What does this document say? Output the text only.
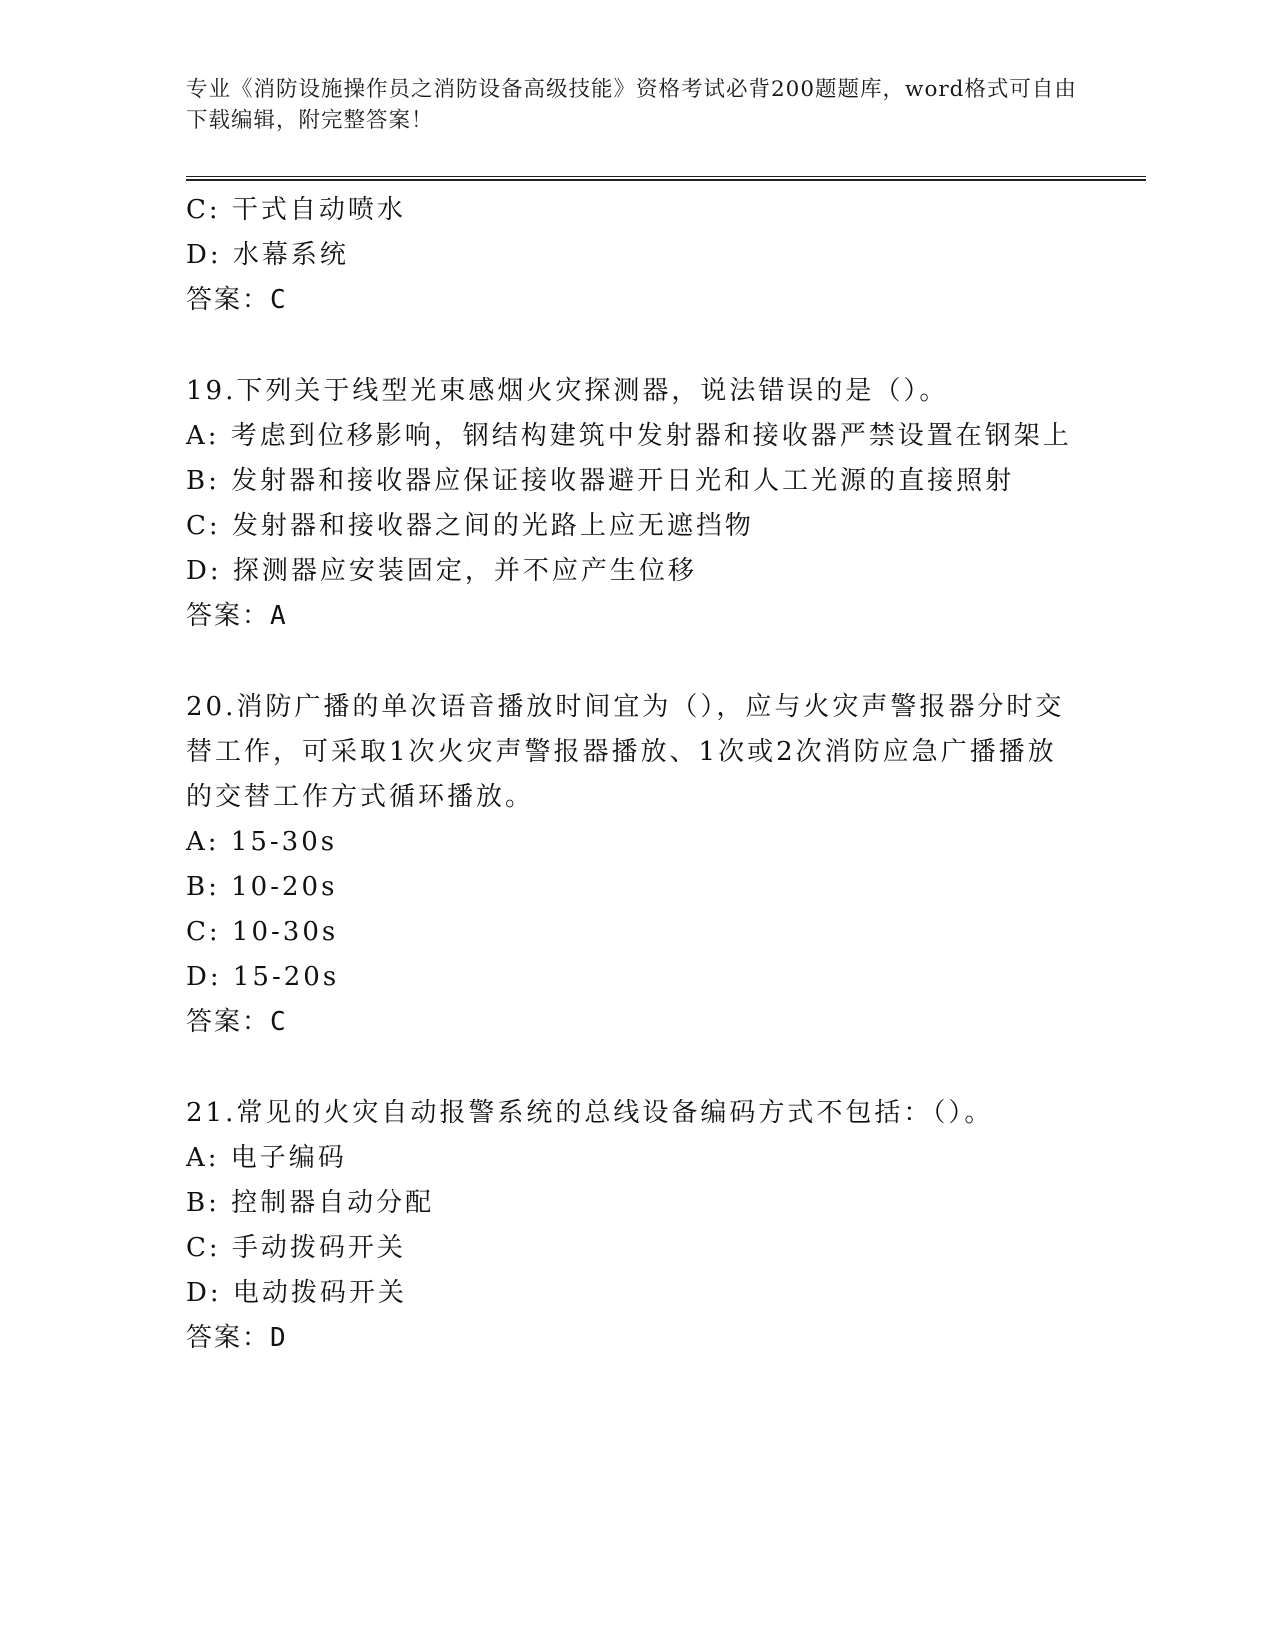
专业《消防设施操作员之消防设备高级技能》资格考试必背200题题库，word格式可自由下载编辑，附完整答案！
C: 干式自动喷水
D: 水幕系统
答案：C
19.下列关于线型光束感烟火灾探测器，说法错误的是（）。
A: 考虑到位移影响，钢结构建筑中发射器和接收器严禁设置在钢架上
B: 发射器和接收器应保证接收器避开日光和人工光源的直接照射
C: 发射器和接收器之间的光路上应无遮挡物
D: 探测器应安装固定，并不应产生位移
答案：A
20.消防广播的单次语音播放时间宜为（），应与火灾声警报器分时交替工作，可采取1次火灾声警报器播放、1次或2次消防应急广播播放的交替工作方式循环播放。
A: 15-30s
B: 10-20s
C: 10-30s
D: 15-20s
答案：C
21.常见的火灾自动报警系统的总线设备编码方式不包括：（）。
A: 电子编码
B: 控制器自动分配
C: 手动拨码开关
D: 电动拨码开关
答案：D
